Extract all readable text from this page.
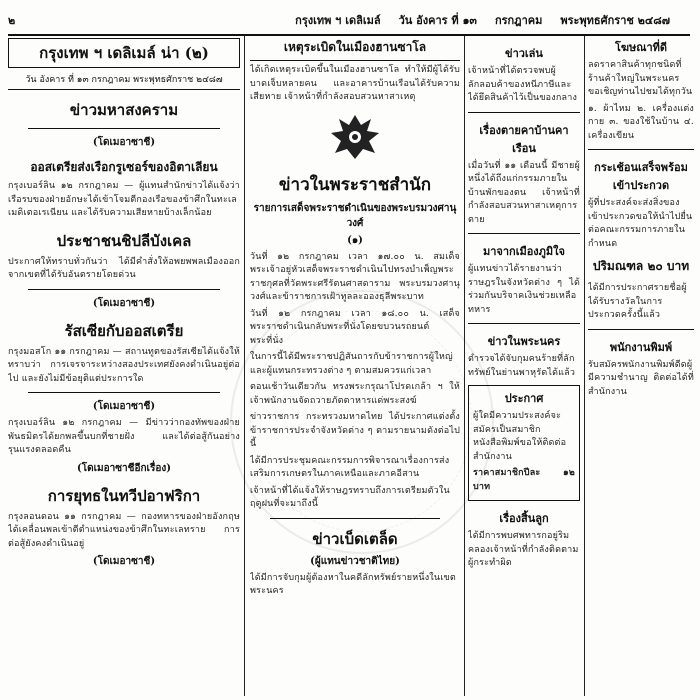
๒	กรุงเทพ ฯ เดลิเมล์ วัน อังคาร ที่ ๑๓ กรกฎาคม พระพุทธศักราช ๒๔๘๗
กรุงเทพ ฯ เดลิเมล์ น่า (๒)
วัน อังคาร ที่ ๑๓ กรกฎาคม พระพุทธศักราช ๒๔๘๗
ข่าวมหาสงคราม
(โดเมอาซาชี)
ออสเตรียส่งเรือกรูเซอร์ของอิตาเลียน
กรุงเบอร์ลิน ๑๒ กรกฎาคม — ผู้แทนสำนักข่าวได้แจ้งว่า เรือรบของฝ่ายอักษะได้เข้าโจมตีกองเรือของข้าศึกในทะเลเมดิเตอเรเนียน และได้รับความเสียหายบ้างเล็กน้อย
ประชาชนชิปลีบังเคล
ประกาศให้ทราบทั่วกันว่า ได้มีคำสั่งให้อพยพพลเมืองออกจากเขตที่ได้รับอันตรายโดยด่วน
(โดเมอาซาชี)
รัสเซียกับออสเตรีย
กรุงมอสโก ๑๑ กรกฎาคม — สถานทูตของรัสเซียได้แจ้งให้ทราบว่า การเจรจาระหว่างสองประเทศยังคงดำเนินอยู่ต่อไป และยังไม่มีข้อยุติแต่ประการใด
(โดเมอาซาชี)
กรุงเบอร์ลิน ๑๒ กรกฎาคม — มีข่าวว่ากองทัพของฝ่ายพันธมิตรได้ยกพลขึ้นบกที่ชายฝั่ง และได้ต่อสู้กันอย่างรุนแรงตลอดคืน
(โดเมอาซาชีอีกเรื่อง)
การยุทธในทวีปอาฟริกา
กรุงลอนดอน ๑๑ กรกฎาคม — กองทหารของฝ่ายอังกฤษได้เคลื่อนพลเข้าตีตำแหน่งของข้าศึกในทะเลทราย การต่อสู้ยังคงดำเนินอยู่
(โดเมอาซาชี)
เหตุระเบิดในเมืองฮานซาโล
ได้เกิดเหตุระเบิดขึ้นในเมืองฮานซาโล ทำให้มีผู้ได้รับบาดเจ็บหลายคน และอาคารบ้านเรือนได้รับความเสียหาย เจ้าหน้าที่กำลังสอบสวนหาสาเหตุ
ข่าวในพระราชสำนัก
รายการเสด็จพระราชดำเนินของพระบรมวงศานุวงศ์
(๑)
วันที่ ๑๒ กรกฎาคม เวลา ๑๗.๐๐ น. สมเด็จพระเจ้าอยู่หัวเสด็จพระราชดำเนินไปทรงบำเพ็ญพระราชกุศลที่วัดพระศรีรัตนศาสดาราม พระบรมวงศานุวงศ์และข้าราชการเฝ้าทูลละอองธุลีพระบาท
วันที่ ๑๒ กรกฎาคม เวลา ๑๘.๐๐ น. เสด็จพระราชดำเนินกลับพระที่นั่งโดยขบวนรถยนต์พระที่นั่ง
ในการนี้ได้มีพระราชปฏิสันถารกับข้าราชการผู้ใหญ่และผู้แทนกระทรวงต่าง ๆ ตามสมควรแก่เวลา
ตอนเช้าวันเดียวกัน ทรงพระกรุณาโปรดเกล้า ฯ ให้เจ้าพนักงานจัดถวายภัตตาหารแด่พระสงฆ์
ข่าวราชการ กระทรวงมหาดไทย ได้ประกาศแต่งตั้งข้าราชการประจำจังหวัดต่าง ๆ ตามรายนามดังต่อไปนี้
ได้มีการประชุมคณะกรรมการพิจารณาเรื่องการส่งเสริมการเกษตรในภาคเหนือและภาคอีสาน
เจ้าหน้าที่ได้แจ้งให้ราษฎรทราบถึงการเตรียมตัวในฤดูฝนที่จะมาถึงนี้
ข่าวเบ็ดเตล็ด
(ผู้แทนข่าวชาติไทย)
ได้มีการจับกุมผู้ต้องหาในคดีลักทรัพย์รายหนึ่งในเขตพระนคร
ข่าวเล่น
เจ้าหน้าที่ได้ตรวจพบผู้ลักลอบค้าของหนีภาษีและได้ยึดสินค้าไว้เป็นของกลาง
เรื่องตายคาบ้านคาเรือน
เมื่อวันที่ ๑๑ เดือนนี้ มีชายผู้หนึ่งได้ถึงแก่กรรมภายในบ้านพักของตน เจ้าหน้าที่กำลังสอบสวนหาสาเหตุการตาย
มาจากเมืองภูมิใจ
ผู้แทนข่าวได้รายงานว่าราษฎรในจังหวัดต่าง ๆ ได้ร่วมกันบริจาคเงินช่วยเหลือทหาร
ข่าวในพระนคร
ตำรวจได้จับกุมคนร้ายที่ลักทรัพย์ในย่านพาหุรัดได้แล้ว
ประกาศ
ผู้ใดมีความประสงค์จะสมัครเป็นสมาชิกหนังสือพิมพ์ขอให้ติดต่อสำนักงาน
ราคาสมาชิกปีละ ๑๒ บาท
เรื่องสิ้นลูก
ได้มีการพบศพทารกอยู่ริมคลองเจ้าหน้าที่กำลังติดตามผู้กระทำผิด
โฆษณาที่ดี
ลดราคาสินค้าทุกชนิดที่ร้านค้าใหญ่ในพระนคร ขอเชิญท่านไปชมได้ทุกวัน
๑. ผ้าไหม ๒. เครื่องแต่งกาย ๓. ของใช้ในบ้าน ๔. เครื่องเขียน
กระเช้อนเสร็จพร้อมเข้าประกวด
ผู้ที่ประสงค์จะส่งสิ่งของเข้าประกวดขอให้นำไปยื่นต่อคณะกรรมการภายในกำหนด
ปริมณฑล ๒๐ บาท
ได้มีการประกาศรายชื่อผู้ได้รับรางวัลในการประกวดครั้งนี้แล้ว
พนักงานพิมพ์
รับสมัครพนักงานพิมพ์ดีดผู้มีความชำนาญ ติดต่อได้ที่สำนักงาน
